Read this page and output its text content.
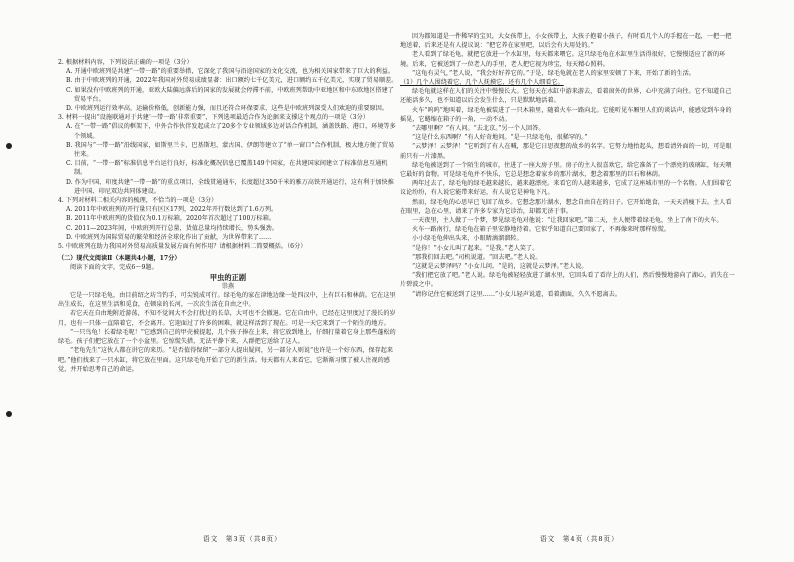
2. 根据材料内容，下列说法正确的一项是（3分）

A. 开通中欧班列是共建“一带一路”的重要举措，它深化了我国与沿途国家的文化交流，也为相关国家带来了巨大的利益。

B. 由于中欧班列的开通，2022年我国对外贸易成绩显著：出口额约七千亿美元，进口额约五千亿美元，实现了贸易顺差。

C. 如果没有中欧班列的开通，亚欧大陆偏远落后的国家的发展就会停滞不前，中欧班列帮助中亚地区和中东欧地区搭建了贸易平台。

D. 中欧班列运行效率高，运输价格低，创新能力强，而且还符合环保要求，这些是中欧班列深受人们欢迎的重要原因。

3. 材料一提出“设施联通对于共建‘一带一路’非常重要”，下列选项最适合作为论据来支撑这个观点的一项是（3分）

A. 在“一带一路”倡议的框架下，中外合作伙伴发起成立了20多个专业领域多边对话合作机制，涵盖铁路、港口、环境等多个领域。

B. 我国与“一带一路”沿线国家，如斯里兰卡、巴基斯坦、蒙古国、伊朗等建立了“单一窗口”合作机制，极大地方便了贸易往来。

C. 目前，“一带一路”标准信息平台运行良好，标准化概况信息已覆盖149个国家，在共建国家间建立了标准信息互通机制。

D. 作为中国、印度共建“一带一路”的重点项目，全线贯通通车，长度超过350千米的雅万高铁开通运行，这有利于加快推进中国、印尼双边共同体建设。

4. 下列对材料二相关内容的梳理，不恰当的一项是（3分）

A. 2011年中欧班列的开行量只有区区17列，2022年开行数达到了1.6万列。

B. 2011年中欧班列的货值仅为0.1万标箱，2020年首次超过了100万标箱。

C. 2011—2023年间，中欧班列开行总量，货值总量均持续增长，势头强劲。

D. 中欧班列为国际贸易的繁荣和经济全球化作出了贡献，为世界带来了……

5. 中欧班列在助力我国对外贸易高质量发展方面有何作用？请根据材料二简要概括。（6分）

（二）现代文阅读Ⅱ（本题共4小题，17分）

阅读下面的文字，完成6～9题。

甲虫的正剧

崇燕

它是一只绿毛龟，由目前绍之坊当钓手，可尖锐成可行。绿毛龟的家在津地边缘一处四汉中，上有巨石和林荫。它在这里出生成长，在这里生活和觅食，在顿泉的长河，一次次生活在自由之中。

若它天在自由地附近游荡，不知不觉间大不会打扰过的长草，大可也不会撤退。它在自由中，已经在这里度过了漫长的岁月，也有一只体一直陪着它，不会离开。它迎面过了许多的困难，就这样活到了现在。可是一天它来到了一个陌生的地方。

“一只鸟龟！长着绿毛呢！”它感到自己的甲壳被提起，几个孩子捧在上来，将它放到地上，仔细打量着它身上那些蓬松的绿毛。孩子们把它放在了一个小盆里。它惊慌失措，无法平静下来，人群把它送给了这人。

“老龟先生”这伙人都在讲它的来历。“是否值得保留”一部分人提出疑问，另一部分人则说“也许是一个好东西，保存起来吧。”他们找来了一只水缸，将它放在里面。这只绿毛龟开始了它的新生活。每天都有人来看它，它渐渐习惯了被人注视的感觉，并开始思考自己的命运。

因为都知道是一件稀罕的宝贝，大女孩带上，小女孩带上，大孩子抱着小孩子，有时看几个人的手握在一起，一把一把地送着，后来还是有人提议说：“把它养在家里吧，以后会有大用处的。”

老人看到了绿毛龟，就把它放进一个水缸里，每天都来喂它。这只绿毛龟在水缸里生活得很好，它慢慢适应了新的环境。后来，它被送到了一位老人的手里，老人把它视为珍宝，每天精心照料。

“这龟有灵气，”老人说，“我会好好养它的。”于是，绿毛龟就在老人的家里安顿了下来，开始了新的生活。

（1）几个人围绕着它，几个人抚摸它，还有几个人细看它。

绿毛龟就这样在人们的关注中慢慢长大。它每天在水缸中游来游去，看着窗外的世界，心中充满了向往。它不知道自己还能活多久，也不知道以后会发生什么，只是默默地活着。

火车“呜呜”地叫着，绿毛龟被装进了一只木箱里，随着火车一路向北。它能听见车厢里人们的谈话声，能感觉到车身的摇晃，它蜷缩在箱子的一角，一动不动。

“去哪里啊？”有人问。“去北京。”另一个人回答。

“这是什么东西啊？”有人好奇地问。“是一只绿毛龟，很稀罕的。”

“云梦泽！云梦泽！”它听到了有人在喊，那是它日思夜想的故乡的名字。它努力地抬起头，想看清外面的一切，可是眼前只有一片漆黑。

绿毛龟被送到了一个陌生的城市，住进了一座大房子里。房子的主人很喜欢它，给它准备了一个漂亮的玻璃缸，每天喂它最好的食物。可是绿毛龟并不快乐，它总是想念着家乡的那片湖水，想念着那里的巨石和林荫。

两年过去了，绿毛龟的绿毛越来越长，越来越漂亮。来看它的人越来越多，它成了这座城市里的一个名物。人们围着它议论纷纷，有人说它能带来好运，有人说它是神龟下凡。

然而，绿毛龟的心思早已飞回了故乡。它想念那片湖水，想念自由自在的日子。它开始绝食，一天天消瘦下去。主人看在眼里，急在心里，请来了许多专家为它诊治，却都无济于事。

一天夜里，主人做了一个梦，梦见绿毛龟对他说：“让我回家吧。”第二天，主人便带着绿毛龟，坐上了南下的火车。

火车一路南行，绿毛龟在箱子里安静地待着。它似乎知道自己要回家了，不再像来时那样惊慌。

小小绿毛龟伸出头来，小眼睛滴溜溜转。

“是你！”小女儿叫了起来。“是我。”老人笑了。

“那我们回去吧。”司机说道。“回去吧。”老人说。

“这就是云梦泽吗？”小女儿问。“是的，这就是云梦泽。”老人说。

“我们把它放了吧。”老人说。绿毛龟被轻轻放进了湖水里，它回头看了看岸上的人们，然后慢慢地游向了湖心，消失在一片碧波之中。

“请你记住它被送到了这里……”小女儿轻声说道，看着湖面，久久不愿离去。

语文　第3页（共8页）	语文　第4页（共8页）
